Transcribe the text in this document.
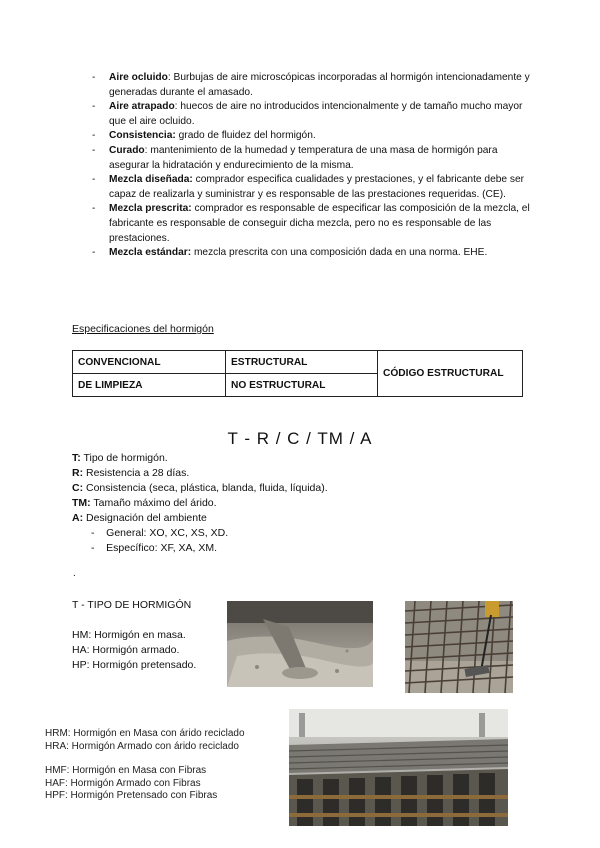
- Aire ocluido: Burbujas de aire microscópicas incorporadas al hormigón intencionadamente y generadas durante el amasado.
- Aire atrapado: huecos de aire no introducidos intencionalmente y de tamaño mucho mayor que el aire ocluido.
- Consistencia: grado de fluidez del hormigón.
- Curado: mantenimiento de la humedad y temperatura de una masa de hormigón para asegurar la hidratación y endurecimiento de la misma.
- Mezcla diseñada: comprador especifica cualidades y prestaciones, y el fabricante debe ser capaz de realizarla y suministrar y es responsable de las prestaciones requeridas. (CE).
- Mezcla prescrita: comprador es responsable de especificar las composición de la mezcla, el fabricante es responsable de conseguir dicha mezcla, pero no es responsable de las prestaciones.
- Mezcla estándar: mezcla prescrita con una composición dada en una norma. EHE.
Especificaciones del hormigón
CONVENCIONAL	ESTRUCTURAL	CÓDIGO ESTRUCTURAL
DE LIMPIEZA	NO ESTRUCTURAL	
T - R / C / TM / A
T: Tipo de hormigón.
R: Resistencia a 28 días.
C: Consistencia (seca, plástica, blanda, fluida, líquida).
TM: Tamaño máximo del árido.
A: Designación del ambiente
- General: XO, XC, XS, XD.
- Específico: XF, XA, XM.
.
T - TIPO DE HORMIGÓN
HM: Hormigón en masa.
HA: Hormigón armado.
HP: Hormigón pretensado.
HRM: Hormigón en Masa con árido reciclado
HRA: Hormigón Armado con árido reciclado
HMF: Hormigón en Masa con Fibras
HAF: Hormigón Armado con Fibras
HPF: Hormigón Pretensado con Fibras
